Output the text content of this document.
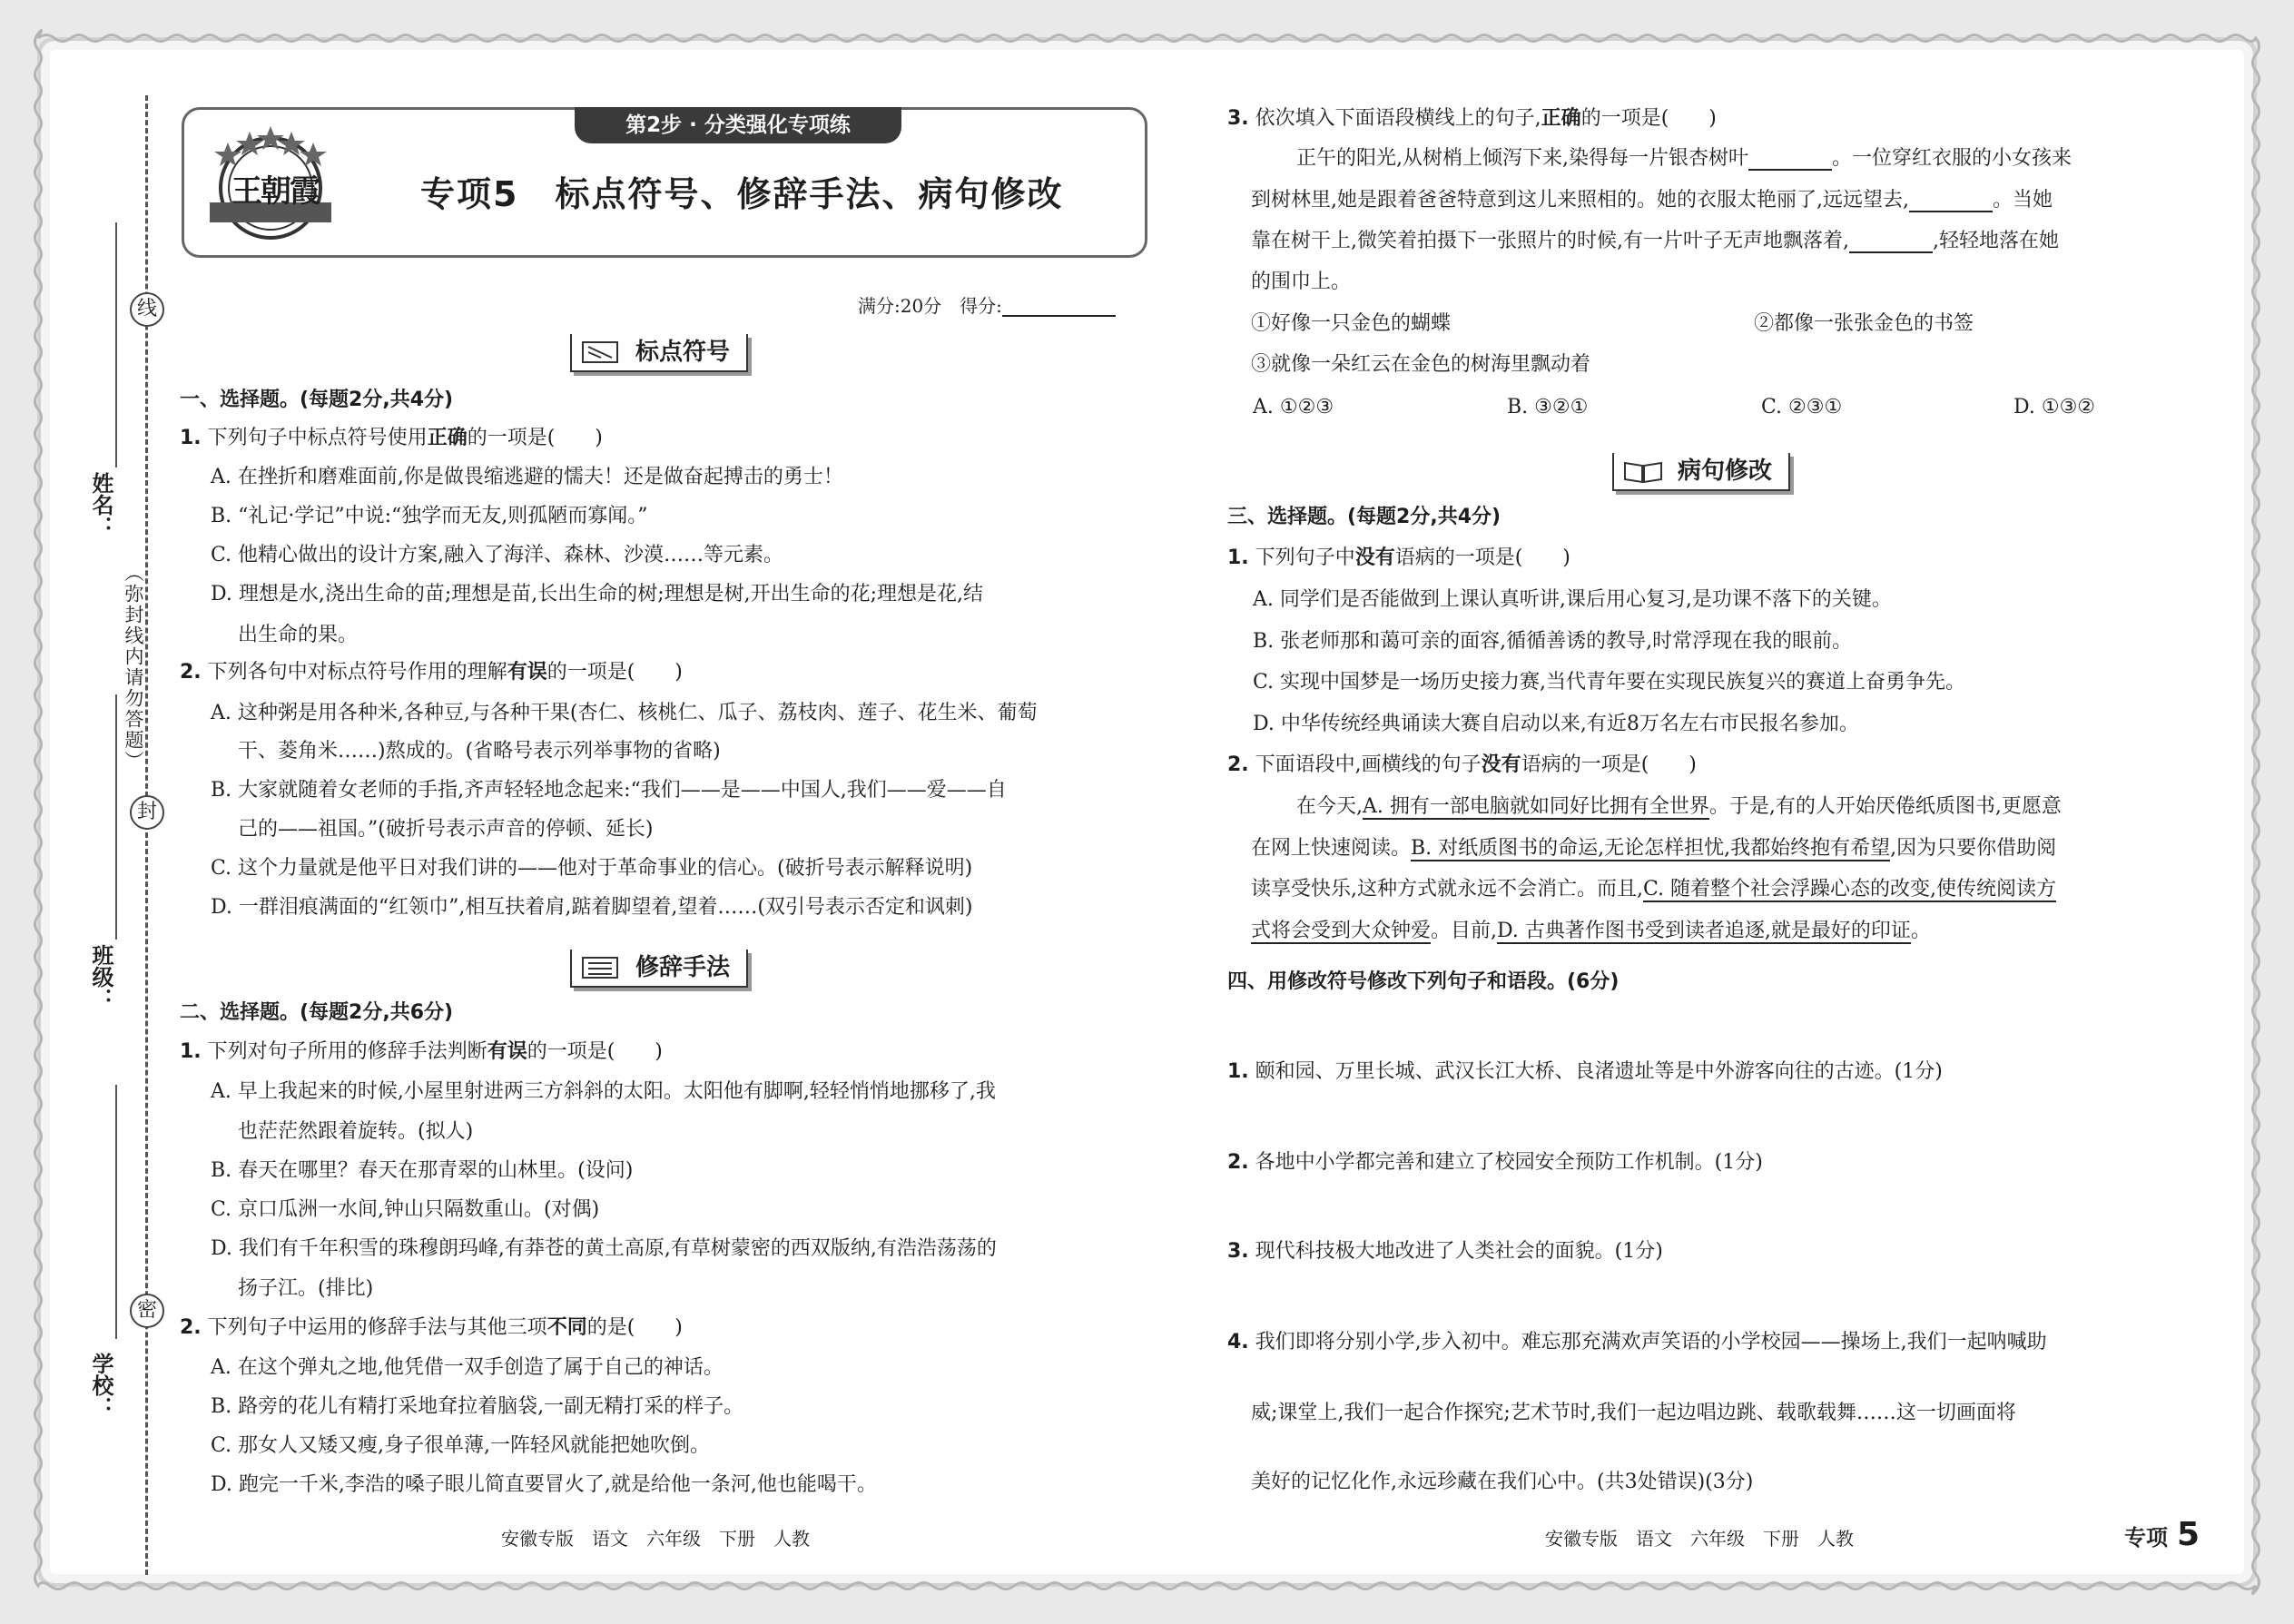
线
封
密
姓名：
班级：
学校：
（弥封线内请勿答题）
王朝霞
第2步 · 分类强化专项练
专项5　标点符号、修辞手法、病句修改
满分:20分　得分:
标点符号
一、选择题。(每题2分,共4分)
1. 下列句子中标点符号使用正确的一项是(　　)
A. 在挫折和磨难面前,你是做畏缩逃避的懦夫！还是做奋起搏击的勇士！
B. “礼记·学记”中说:“独学而无友,则孤陋而寡闻。”
C. 他精心做出的设计方案,融入了海洋、森林、沙漠……等元素。
D. 理想是水,浇出生命的苗;理想是苗,长出生命的树;理想是树,开出生命的花;理想是花,结
出生命的果。
2. 下列各句中对标点符号作用的理解有误的一项是(　　)
A. 这种粥是用各种米,各种豆,与各种干果(杏仁、核桃仁、瓜子、荔枝肉、莲子、花生米、葡萄
干、菱角米……)熬成的。(省略号表示列举事物的省略)
B. 大家就随着女老师的手指,齐声轻轻地念起来:“我们——是——中国人,我们——爱——自
己的——祖国。”(破折号表示声音的停顿、延长)
C. 这个力量就是他平日对我们讲的——他对于革命事业的信心。(破折号表示解释说明)
D. 一群泪痕满面的“红领巾”,相互扶着肩,踮着脚望着,望着……(双引号表示否定和讽刺)
修辞手法
二、选择题。(每题2分,共6分)
1. 下列对句子所用的修辞手法判断有误的一项是(　　)
A. 早上我起来的时候,小屋里射进两三方斜斜的太阳。太阳他有脚啊,轻轻悄悄地挪移了,我
也茫茫然跟着旋转。(拟人)
B. 春天在哪里？春天在那青翠的山林里。(设问)
C. 京口瓜洲一水间,钟山只隔数重山。(对偶)
D. 我们有千年积雪的珠穆朗玛峰,有莽苍的黄土高原,有草树蒙密的西双版纳,有浩浩荡荡的
扬子江。(排比)
2. 下列句子中运用的修辞手法与其他三项不同的是(　　)
A. 在这个弹丸之地,他凭借一双手创造了属于自己的神话。
B. 路旁的花儿有精打采地耷拉着脑袋,一副无精打采的样子。
C. 那女人又矮又瘦,身子很单薄,一阵轻风就能把她吹倒。
D. 跑完一千米,李浩的嗓子眼儿简直要冒火了,就是给他一条河,他也能喝干。
安徽专版　语文　六年级　下册　人教
3. 依次填入下面语段横线上的句子,正确的一项是(　　)
正午的阳光,从树梢上倾泻下来,染得每一片银杏树叶	。一位穿红衣服的小女孩来
到树林里,她是跟着爸爸特意到这儿来照相的。她的衣服太艳丽了,远远望去,	。当她
靠在树干上,微笑着拍摄下一张照片的时候,有一片叶子无声地飘落着,	,轻轻地落在她
的围巾上。
①好像一只金色的蝴蝶	②都像一张张金色的书签
③就像一朵红云在金色的树海里飘动着
A. ①②③	B. ③②①	C. ②③①	D. ①③②
病句修改
三、选择题。(每题2分,共4分)
1. 下列句子中没有语病的一项是(　　)
A. 同学们是否能做到上课认真听讲,课后用心复习,是功课不落下的关键。
B. 张老师那和蔼可亲的面容,循循善诱的教导,时常浮现在我的眼前。
C. 实现中国梦是一场历史接力赛,当代青年要在实现民族复兴的赛道上奋勇争先。
D. 中华传统经典诵读大赛自启动以来,有近8万名左右市民报名参加。
2. 下面语段中,画横线的句子没有语病的一项是(　　)
在今天,A. 拥有一部电脑就如同好比拥有全世界。于是,有的人开始厌倦纸质图书,更愿意
在网上快速阅读。B. 对纸质图书的命运,无论怎样担忧,我都始终抱有希望,因为只要你借助阅
读享受快乐,这种方式就永远不会消亡。而且,C. 随着整个社会浮躁心态的改变,使传统阅读方
式将会受到大众钟爱。目前,D. 古典著作图书受到读者追逐,就是最好的印证。
四、用修改符号修改下列句子和语段。(6分)
1. 颐和园、万里长城、武汉长江大桥、良渚遗址等是中外游客向往的古迹。(1分)
2. 各地中小学都完善和建立了校园安全预防工作机制。(1分)
3. 现代科技极大地改进了人类社会的面貌。(1分)
4. 我们即将分别小学,步入初中。难忘那充满欢声笑语的小学校园——操场上,我们一起呐喊助
威;课堂上,我们一起合作探究;艺术节时,我们一起边唱边跳、载歌载舞……这一切画面将
美好的记忆化作,永远珍藏在我们心中。(共3处错误)(3分)
安徽专版　语文　六年级　下册　人教	专项 5
